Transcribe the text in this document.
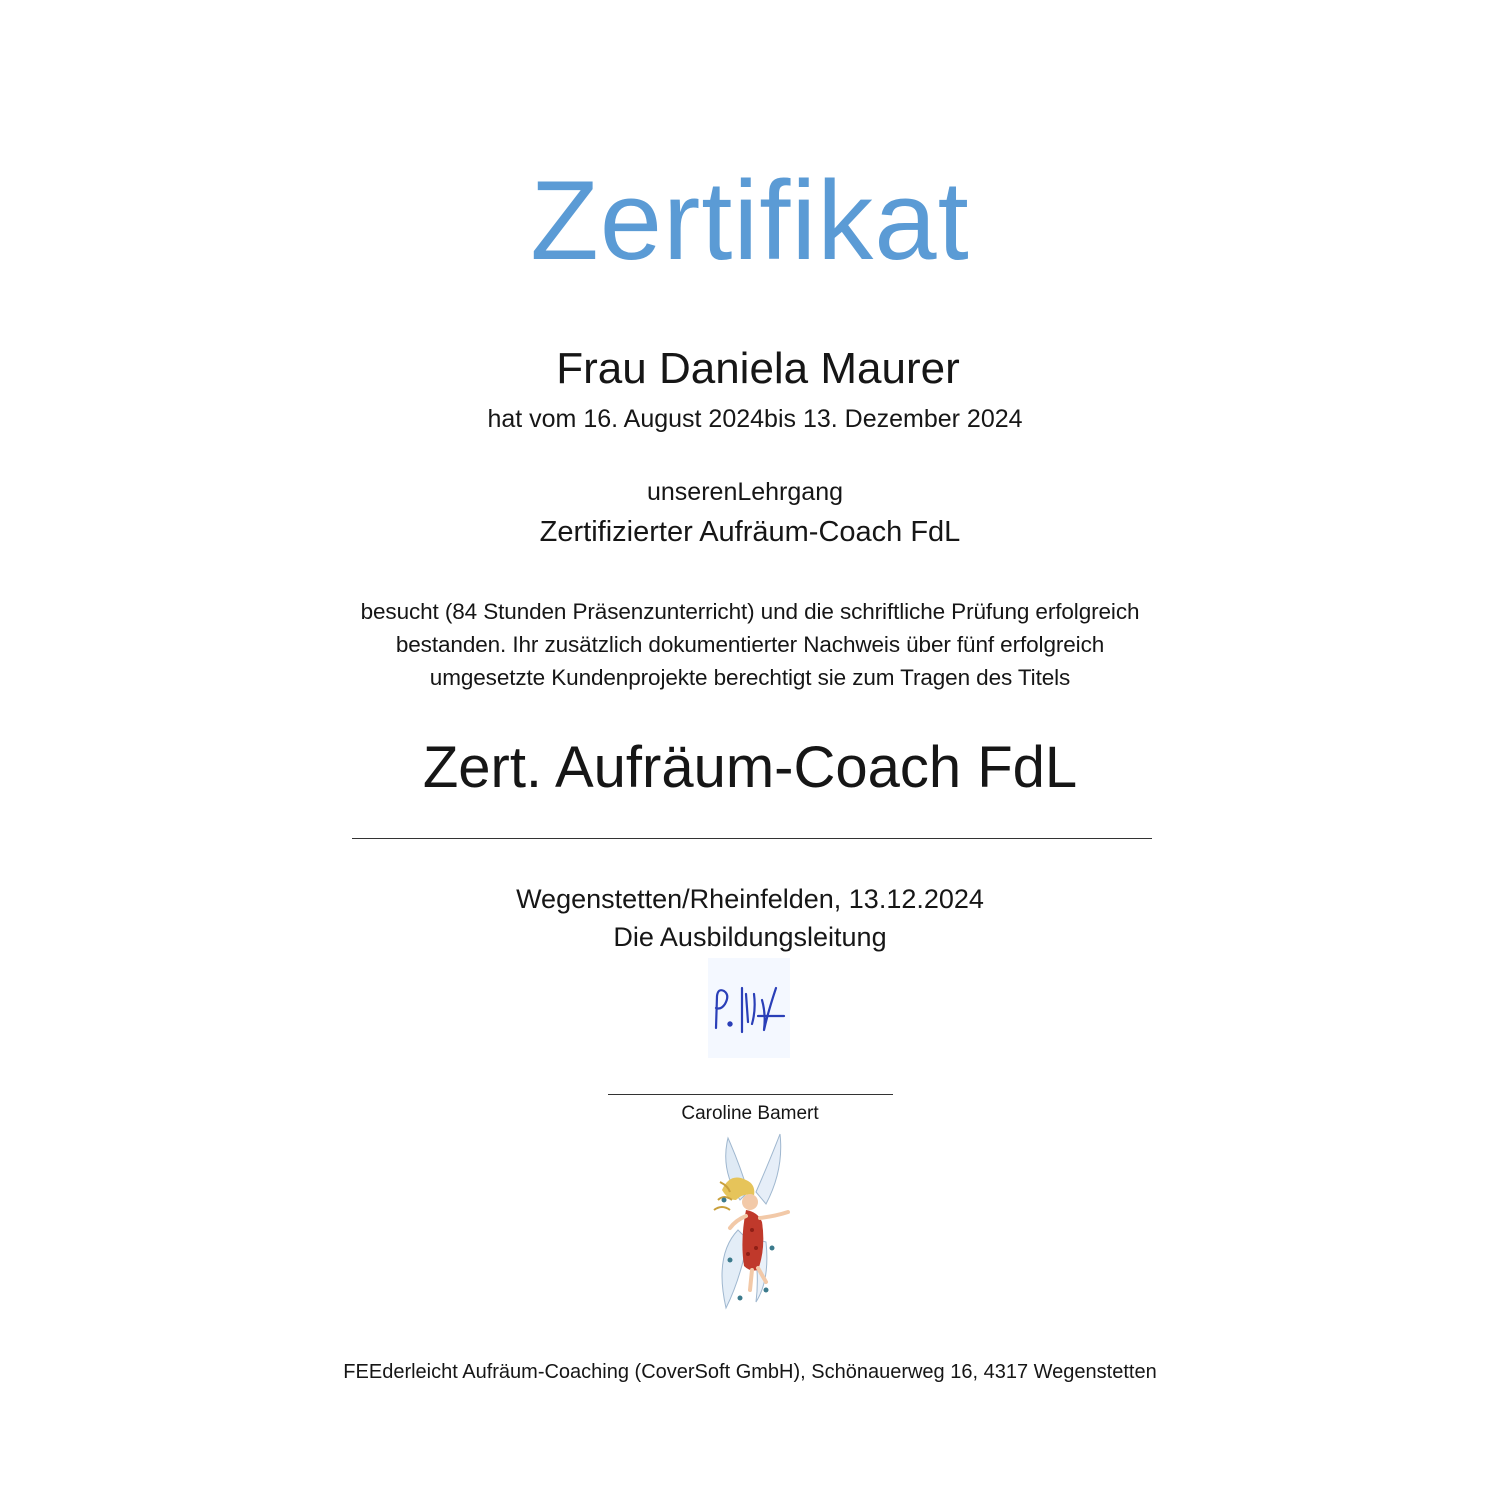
Zertifikat
Frau Daniela Maurer
hat vom 16. August 2024bis 13. Dezember 2024
unserenLehrgang
Zertifizierter Aufräum-Coach FdL
besucht (84 Stunden Präsenzunterricht) und die schriftliche Prüfung erfolgreich
bestanden. Ihr zusätzlich dokumentierter Nachweis über fünf erfolgreich
umgesetzte Kundenprojekte berechtigt sie zum Tragen des Titels
Zert. Aufräum-Coach FdL
Wegenstetten/Rheinfelden, 13.12.2024
Die Ausbildungsleitung
Caroline Bamert
FEEderleicht Aufräum-Coaching (CoverSoft GmbH), Schönauerweg 16, 4317 Wegenstetten
